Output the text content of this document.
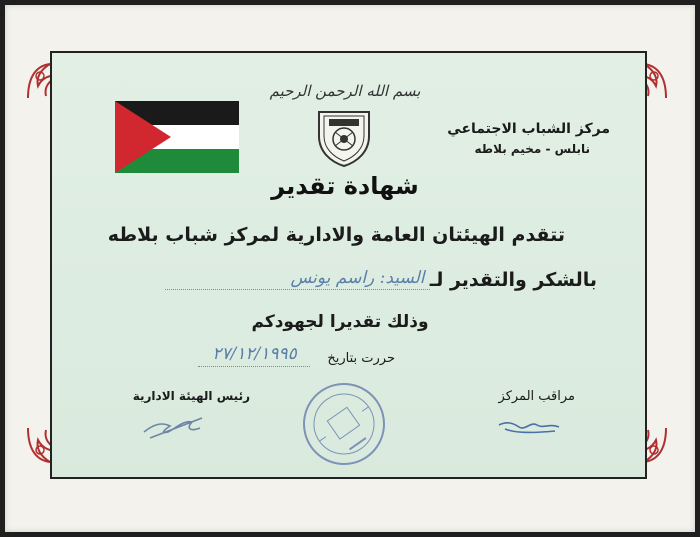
بسم الله الرحمن الرحيم
مركز الشباب الاجتماعي
نابلس - مخيم بلاطه
شهادة تقدير
تتقدم الهيئتان العامة والادارية لمركز شباب بلاطه
بالشكر والتقدير لـ
السيد: راسم يونس
وذلك تقديرا لجهودكم
حررت بتاريخ
٢٧/١٢/١٩٩٥
رئيس الهيئة الادارية	مراقب المركز
